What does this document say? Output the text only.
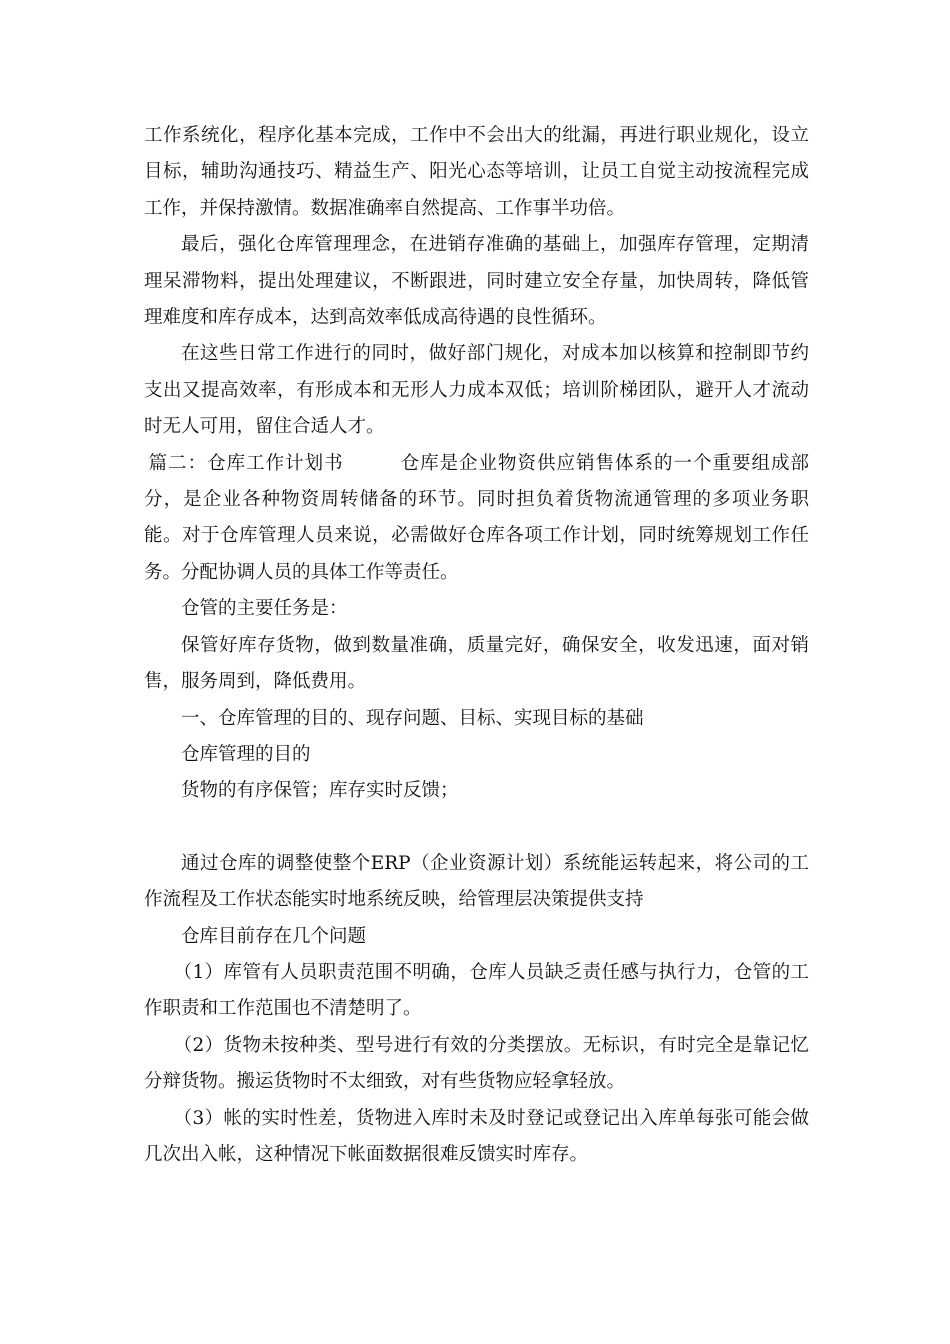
工作系统化，程序化基本完成，工作中不会出大的纰漏，再进行职业规化，设立目标，辅助沟通技巧、精益生产、阳光心态等培训，让员工自觉主动按流程完成工作，并保持激情。数据准确率自然提高、工作事半功倍。

最后，强化仓库管理理念，在进销存准确的基础上，加强库存管理，定期清理呆滞物料，提出处理建议，不断跟进，同时建立安全存量，加快周转，降低管理难度和库存成本，达到高效率低成高待遇的良性循环。

在这些日常工作进行的同时，做好部门规化，对成本加以核算和控制即节约支出又提高效率，有形成本和无形人力成本双低；培训阶梯团队，避开人才流动时无人可用，留住合适人才。

篇二：仓库工作计划书	仓库是企业物资供应销售体系的一个重要组成部分，是企业各种物资周转储备的环节。同时担负着货物流通管理的多项业务职能。对于仓库管理人员来说，必需做好仓库各项工作计划，同时统筹规划工作任务。分配协调人员的具体工作等责任。

仓管的主要任务是：

保管好库存货物，做到数量准确，质量完好，确保安全，收发迅速，面对销售，服务周到，降低费用。

一、仓库管理的目的、现存问题、目标、实现目标的基础

仓库管理的目的

货物的有序保管；库存实时反馈；

通过仓库的调整使整个ERP（企业资源计划）系统能运转起来，将公司的工作流程及工作状态能实时地系统反映，给管理层决策提供支持

仓库目前存在几个问题

（1）库管有人员职责范围不明确，仓库人员缺乏责任感与执行力，仓管的工作职责和工作范围也不清楚明了。

（2）货物未按种类、型号进行有效的分类摆放。无标识，有时完全是靠记忆分辩货物。搬运货物时不太细致，对有些货物应轻拿轻放。

（3）帐的实时性差，货物进入库时未及时登记或登记出入库单每张可能会做几次出入帐，这种情况下帐面数据很难反馈实时库存。
